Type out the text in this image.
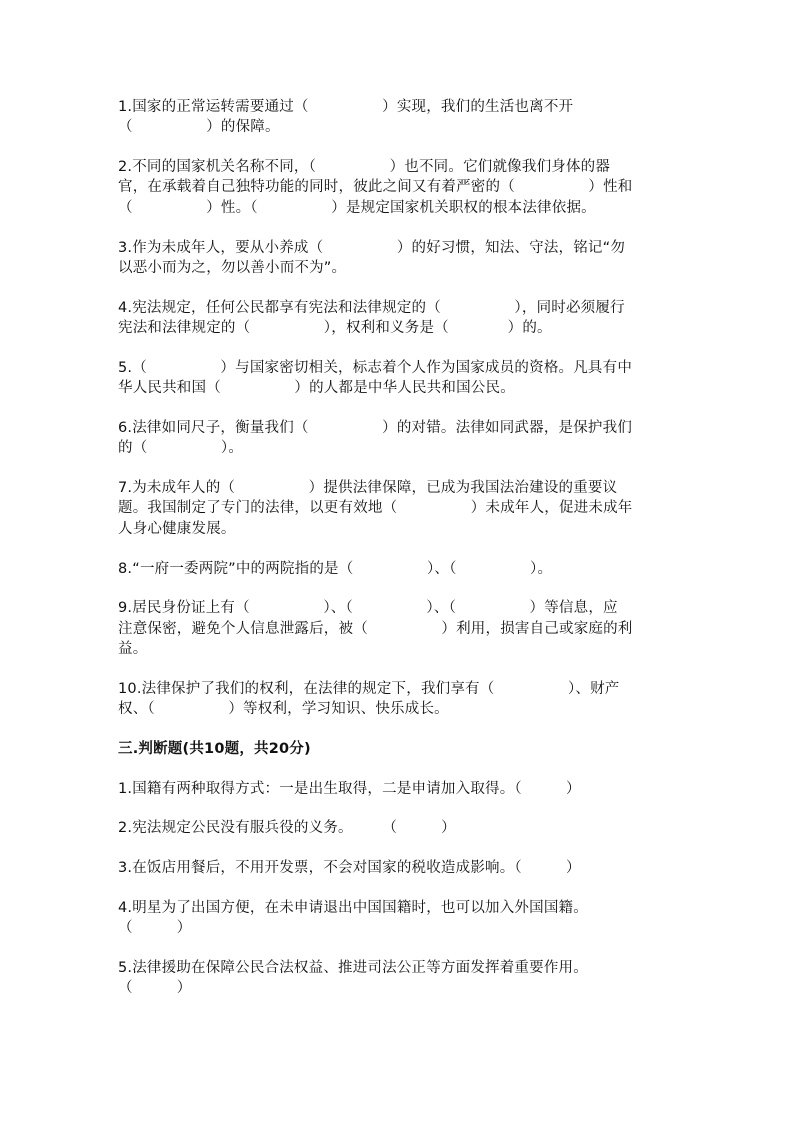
1.国家的正常运转需要通过（　　　　　）实现，我们的生活也离不开
（　　　　　）的保障。
2.不同的国家机关名称不同，（　　　　　）也不同。它们就像我们身体的器
官，在承载着自己独特功能的同时，彼此之间又有着严密的（　　　　　）性和
（　　　　　）性。（　　　　　）是规定国家机关职权的根本法律依据。
3.作为未成年人，要从小养成（　　　　　）的好习惯，知法、守法，铭记“勿
以恶小而为之，勿以善小而不为”。
4.宪法规定，任何公民都享有宪法和法律规定的（　　　　　），同时必须履行
宪法和法律规定的（　　　　　），权利和义务是（　　　　）的。
5.（　　　　　）与国家密切相关，标志着个人作为国家成员的资格。凡具有中
华人民共和国（　　　　　）的人都是中华人民共和国公民。
6.法律如同尺子，衡量我们（　　　　　）的对错。法律如同武器，是保护我们
的（　　　　　）。
7.为未成年人的（　　　　　）提供法律保障，已成为我国法治建设的重要议
题。我国制定了专门的法律，以更有效地（　　　　　）未成年人，促进未成年
人身心健康发展。
8.“一府一委两院”中的两院指的是（　　　　　）、（　　　　　）。
9.居民身份证上有（　　　　　）、（　　　　　）、（　　　　　）等信息，应
注意保密，避免个人信息泄露后，被（　　　　　）利用，损害自己或家庭的利
益。
10.法律保护了我们的权利，在法律的规定下，我们享有（　　　　　）、财产
权、（　　　　　）等权利，学习知识、快乐成长。
三.判断题(共10题，共20分)
1.国籍有两种取得方式：一是出生取得，二是申请加入取得。（　　　）
2.宪法规定公民没有服兵役的义务。　　　（　　　）
3.在饭店用餐后，不用开发票，不会对国家的税收造成影响。（　　　）
4.明星为了出国方便，在未申请退出中国国籍时，也可以加入外国国籍。
（　　　）
5.法律援助在保障公民合法权益、推进司法公正等方面发挥着重要作用。
（　　　）
